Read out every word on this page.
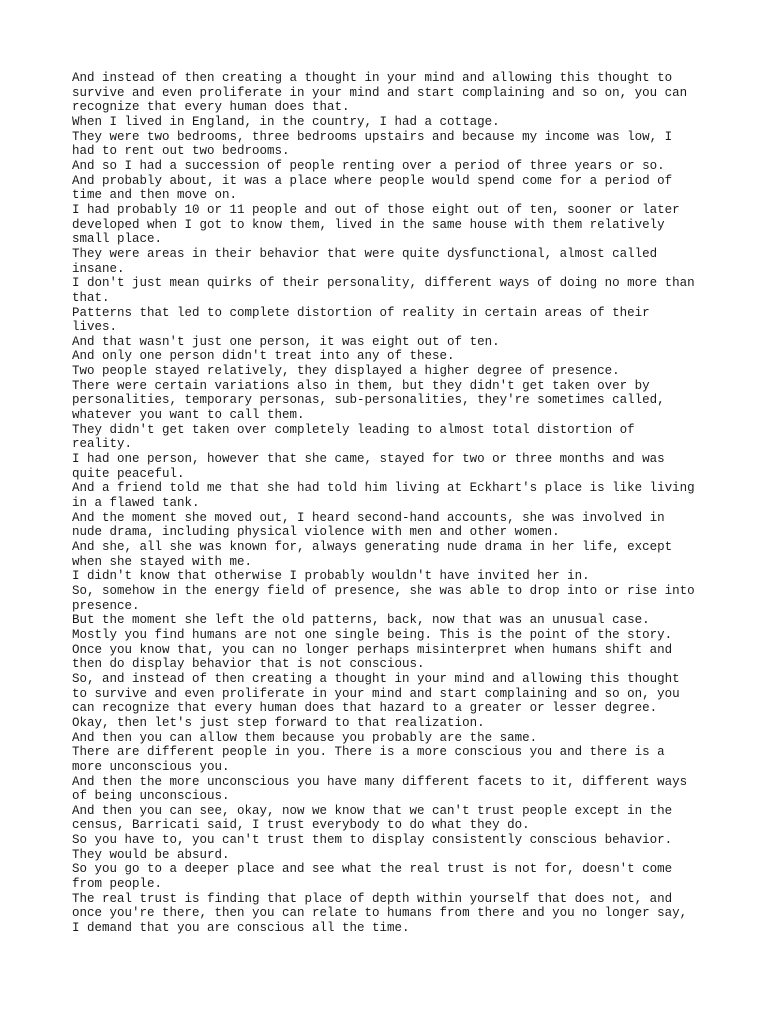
And instead of then creating a thought in your mind and allowing this thought to
survive and even proliferate in your mind and start complaining and so on, you can
recognize that every human does that.
When I lived in England, in the country, I had a cottage.
They were two bedrooms, three bedrooms upstairs and because my income was low, I
had to rent out two bedrooms.
And so I had a succession of people renting over a period of three years or so.
And probably about, it was a place where people would spend come for a period of
time and then move on.
I had probably 10 or 11 people and out of those eight out of ten, sooner or later
developed when I got to know them, lived in the same house with them relatively
small place.
They were areas in their behavior that were quite dysfunctional, almost called
insane.
I don't just mean quirks of their personality, different ways of doing no more than
that.
Patterns that led to complete distortion of reality in certain areas of their
lives.
And that wasn't just one person, it was eight out of ten.
And only one person didn't treat into any of these.
Two people stayed relatively, they displayed a higher degree of presence.
There were certain variations also in them, but they didn't get taken over by
personalities, temporary personas, sub-personalities, they're sometimes called,
whatever you want to call them.
They didn't get taken over completely leading to almost total distortion of
reality.
I had one person, however that she came, stayed for two or three months and was
quite peaceful.
And a friend told me that she had told him living at Eckhart's place is like living
in a flawed tank.
And the moment she moved out, I heard second-hand accounts, she was involved in
nude drama, including physical violence with men and other women.
And she, all she was known for, always generating nude drama in her life, except
when she stayed with me.
I didn't know that otherwise I probably wouldn't have invited her in.
So, somehow in the energy field of presence, she was able to drop into or rise into
presence.
But the moment she left the old patterns, back, now that was an unusual case.
Mostly you find humans are not one single being. This is the point of the story.
Once you know that, you can no longer perhaps misinterpret when humans shift and
then do display behavior that is not conscious.
So, and instead of then creating a thought in your mind and allowing this thought
to survive and even proliferate in your mind and start complaining and so on, you
can recognize that every human does that hazard to a greater or lesser degree.
Okay, then let's just step forward to that realization.
And then you can allow them because you probably are the same.
There are different people in you. There is a more conscious you and there is a
more unconscious you.
And then the more unconscious you have many different facets to it, different ways
of being unconscious.
And then you can see, okay, now we know that we can't trust people except in the
census, Barricati said, I trust everybody to do what they do.
So you have to, you can't trust them to display consistently conscious behavior.
They would be absurd.
So you go to a deeper place and see what the real trust is not for, doesn't come
from people.
The real trust is finding that place of depth within yourself that does not, and
once you're there, then you can relate to humans from there and you no longer say,
I demand that you are conscious all the time.
